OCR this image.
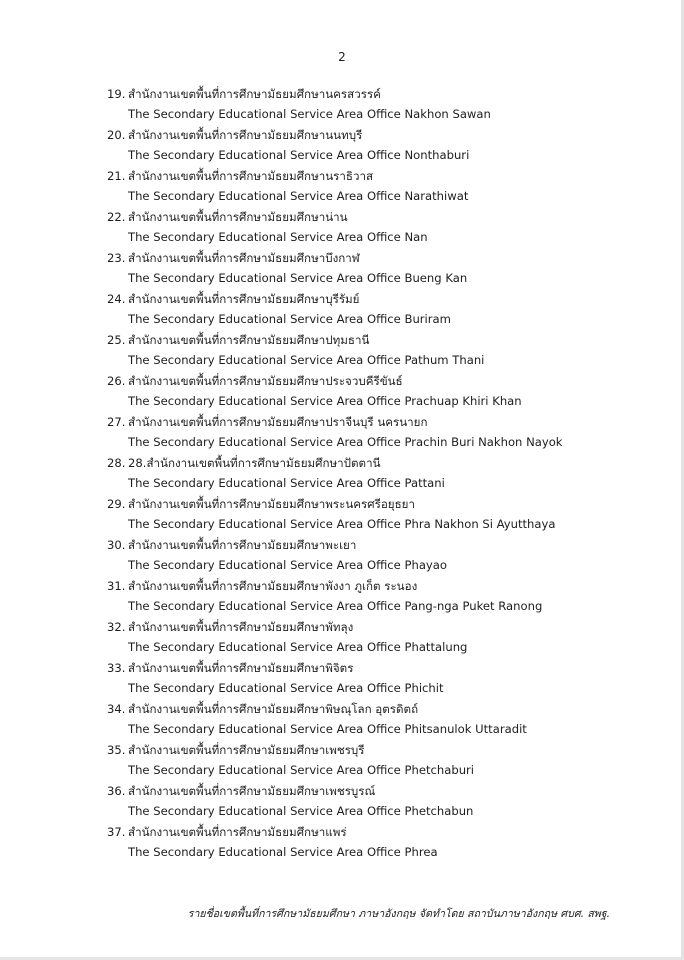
2
19. สำนักงานเขตพื้นที่การศึกษามัธยมศึกษานครสวรรค์
The Secondary Educational Service Area Office Nakhon Sawan
20. สำนักงานเขตพื้นที่การศึกษามัธยมศึกษานนทบุรี
The Secondary Educational Service Area Office Nonthaburi
21. สำนักงานเขตพื้นที่การศึกษามัธยมศึกษานราธิวาส
The Secondary Educational Service Area Office Narathiwat
22. สำนักงานเขตพื้นที่การศึกษามัธยมศึกษาน่าน
The Secondary Educational Service Area Office Nan
23. สำนักงานเขตพื้นที่การศึกษามัธยมศึกษาบึงกาฬ
The Secondary Educational Service Area Office Bueng Kan
24. สำนักงานเขตพื้นที่การศึกษามัธยมศึกษาบุรีรัมย์
The Secondary Educational Service Area Office Buriram
25. สำนักงานเขตพื้นที่การศึกษามัธยมศึกษาปทุมธานี
The Secondary Educational Service Area Office Pathum Thani
26. สำนักงานเขตพื้นที่การศึกษามัธยมศึกษาประจวบคีรีขันธ์
The Secondary Educational Service Area Office Prachuap Khiri Khan
27. สำนักงานเขตพื้นที่การศึกษามัธยมศึกษาปราจีนบุรี นครนายก
The Secondary Educational Service Area Office Prachin Buri Nakhon Nayok
28. 28.สำนักงานเขตพื้นที่การศึกษามัธยมศึกษาปัตตานี
The Secondary Educational Service Area Office Pattani
29. สำนักงานเขตพื้นที่การศึกษามัธยมศึกษาพระนครศรีอยุธยา
The Secondary Educational Service Area Office Phra Nakhon Si Ayutthaya
30. สำนักงานเขตพื้นที่การศึกษามัธยมศึกษาพะเยา
The Secondary Educational Service Area Office Phayao
31. สำนักงานเขตพื้นที่การศึกษามัธยมศึกษาพังงา ภูเก็ต ระนอง
The Secondary Educational Service Area Office Pang-nga Puket Ranong
32. สำนักงานเขตพื้นที่การศึกษามัธยมศึกษาพัทลุง
The Secondary Educational Service Area Office Phattalung
33. สำนักงานเขตพื้นที่การศึกษามัธยมศึกษาพิจิตร
The Secondary Educational Service Area Office Phichit
34. สำนักงานเขตพื้นที่การศึกษามัธยมศึกษาพิษณุโลก อุตรดิตถ์
The Secondary Educational Service Area Office Phitsanulok Uttaradit
35. สำนักงานเขตพื้นที่การศึกษามัธยมศึกษาเพชรบุรี
The Secondary Educational Service Area Office Phetchaburi
36. สำนักงานเขตพื้นที่การศึกษามัธยมศึกษาเพชรบูรณ์
The Secondary Educational Service Area Office Phetchabun
37. สำนักงานเขตพื้นที่การศึกษามัธยมศึกษาแพร่
The Secondary Educational Service Area Office Phrea
รายชื่อเขตพื้นที่การศึกษามัธยมศึกษา ภาษาอังกฤษ จัดทำโดย สถาบันภาษาอังกฤษ ศบศ. สพฐ.
